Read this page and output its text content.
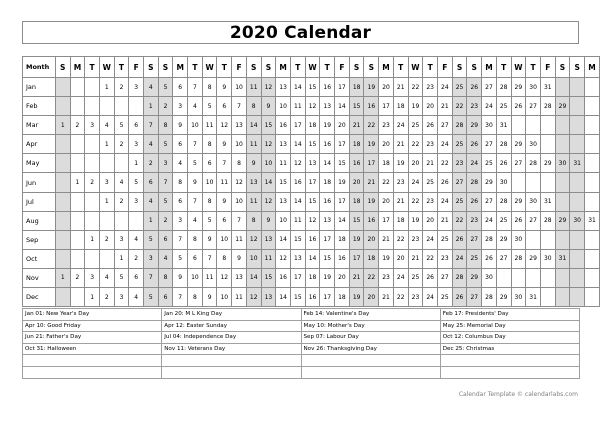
2020 Calendar
Month	S	M	T	W	T	F	S	S	M	T	W	T	F	S	S	M	T	W	T	F	S	S	M	T	W	T	F	S	S	M	T	W	T	F	S	S	M
Jan				1	2	3	4	5	6	7	8	9	10	11	12	13	14	15	16	17	18	19	20	21	22	23	24	25	26	27	28	29	30	31			
Feb							1	2	3	4	5	6	7	8	9	10	11	12	13	14	15	16	17	18	19	20	21	22	23	24	25	26	27	28	29		
Mar	1	2	3	4	5	6	7	8	9	10	11	12	13	14	15	16	17	18	19	20	21	22	23	24	25	26	27	28	29	30	31						
Apr				1	2	3	4	5	6	7	8	9	10	11	12	13	14	15	16	17	18	19	20	21	22	23	24	25	26	27	28	29	30				
May						1	2	3	4	5	6	7	8	9	10	11	12	13	14	15	16	17	18	19	20	21	22	23	24	25	26	27	28	29	30	31	
Jun		1	2	3	4	5	6	7	8	9	10	11	12	13	14	15	16	17	18	19	20	21	22	23	24	25	26	27	28	29	30						
Jul				1	2	3	4	5	6	7	8	9	10	11	12	13	14	15	16	17	18	19	20	21	22	23	24	25	26	27	28	29	30	31			
Aug							1	2	3	4	5	6	7	8	9	10	11	12	13	14	15	16	17	18	19	20	21	22	23	24	25	26	27	28	29	30	31
Sep			1	2	3	4	5	6	7	8	9	10	11	12	13	14	15	16	17	18	19	20	21	22	23	24	25	26	27	28	29	30					
Oct					1	2	3	4	5	6	7	8	9	10	11	12	13	14	15	16	17	18	19	20	21	22	23	24	25	26	27	28	29	30	31		
Nov	1	2	3	4	5	6	7	8	9	10	11	12	13	14	15	16	17	18	19	20	21	22	23	24	25	26	27	28	29	30							
Dec			1	2	3	4	5	6	7	8	9	10	11	12	13	14	15	16	17	18	19	20	21	22	23	24	25	26	27	28	29	30	31				
Jan 01: New Year's Day	Jan 20: M L King Day	Feb 14: Valentine's Day	Feb 17: Presidents' Day
Apr 10: Good Friday	Apr 12: Easter Sunday	May 10: Mother's Day	May 25: Memorial Day
Jun 21: Father's Day	Jul 04: Independence Day	Sep 07: Labour Day	Oct 12: Columbus Day
Oct 31: Halloween	Nov 11: Veterans Day	Nov 26: Thanksgiving Day	Dec 25: Christmas

Calendar Template © calendarlabs.com
